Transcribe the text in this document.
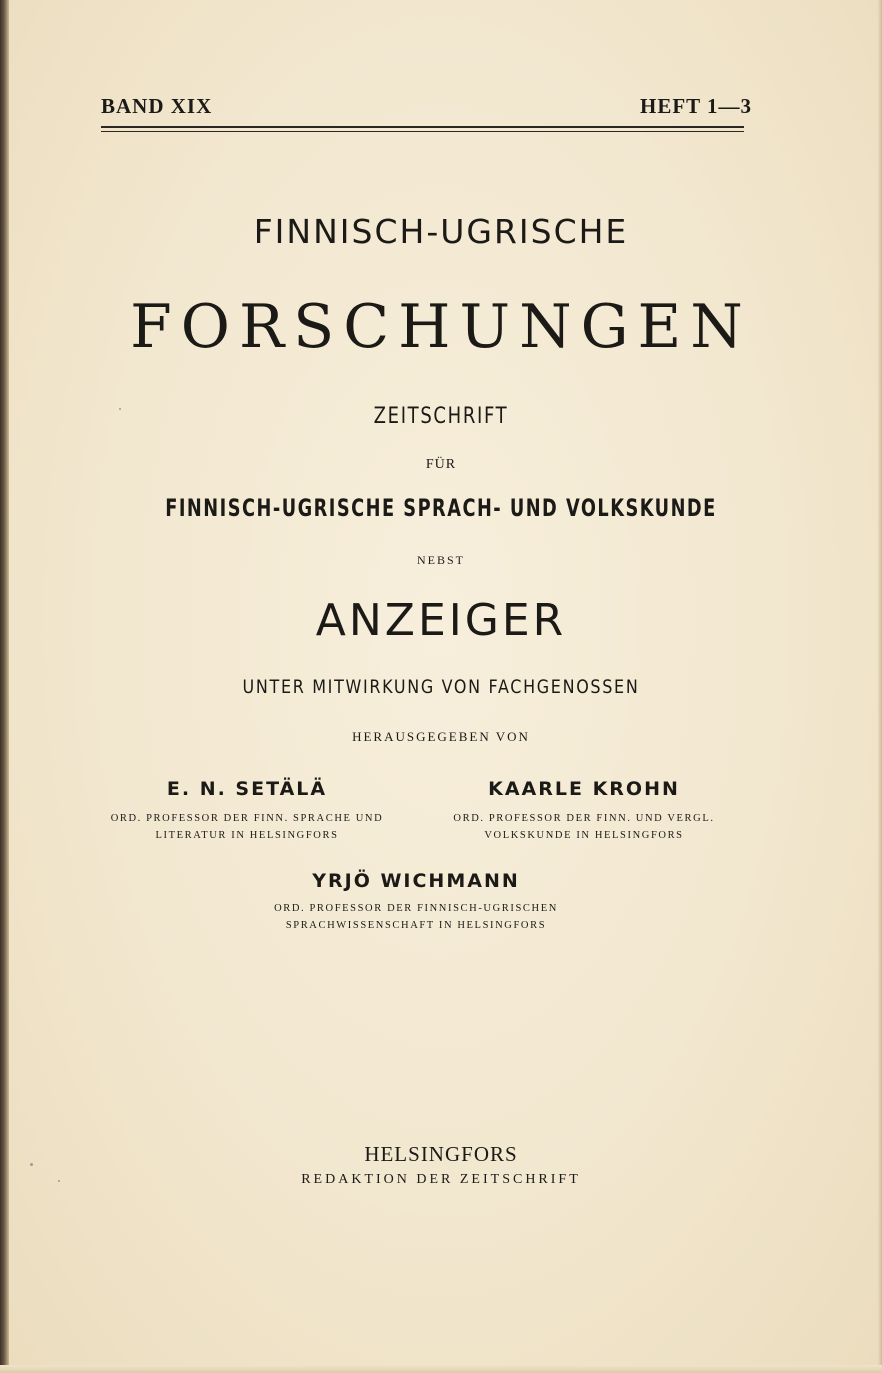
BAND XIX	HEFT 1—3
FINNISCH-UGRISCHE
FORSCHUNGEN
ZEITSCHRIFT
FÜR
FINNISCH-UGRISCHE SPRACH- UND VOLKSKUNDE
NEBST
ANZEIGER
UNTER MITWIRKUNG VON FACHGENOSSEN
HERAUSGEGEBEN VON
E. N. SETÄLÄ
ORD. PROFESSOR DER FINN. SPRACHE UND
LITERATUR IN HELSINGFORS
KAARLE KROHN
ORD. PROFESSOR DER FINN. UND VERGL.
VOLKSKUNDE IN HELSINGFORS
YRJÖ WICHMANN
ORD. PROFESSOR DER FINNISCH-UGRISCHEN
SPRACHWISSENSCHAFT IN HELSINGFORS
HELSINGFORS
REDAKTION DER ZEITSCHRIFT
